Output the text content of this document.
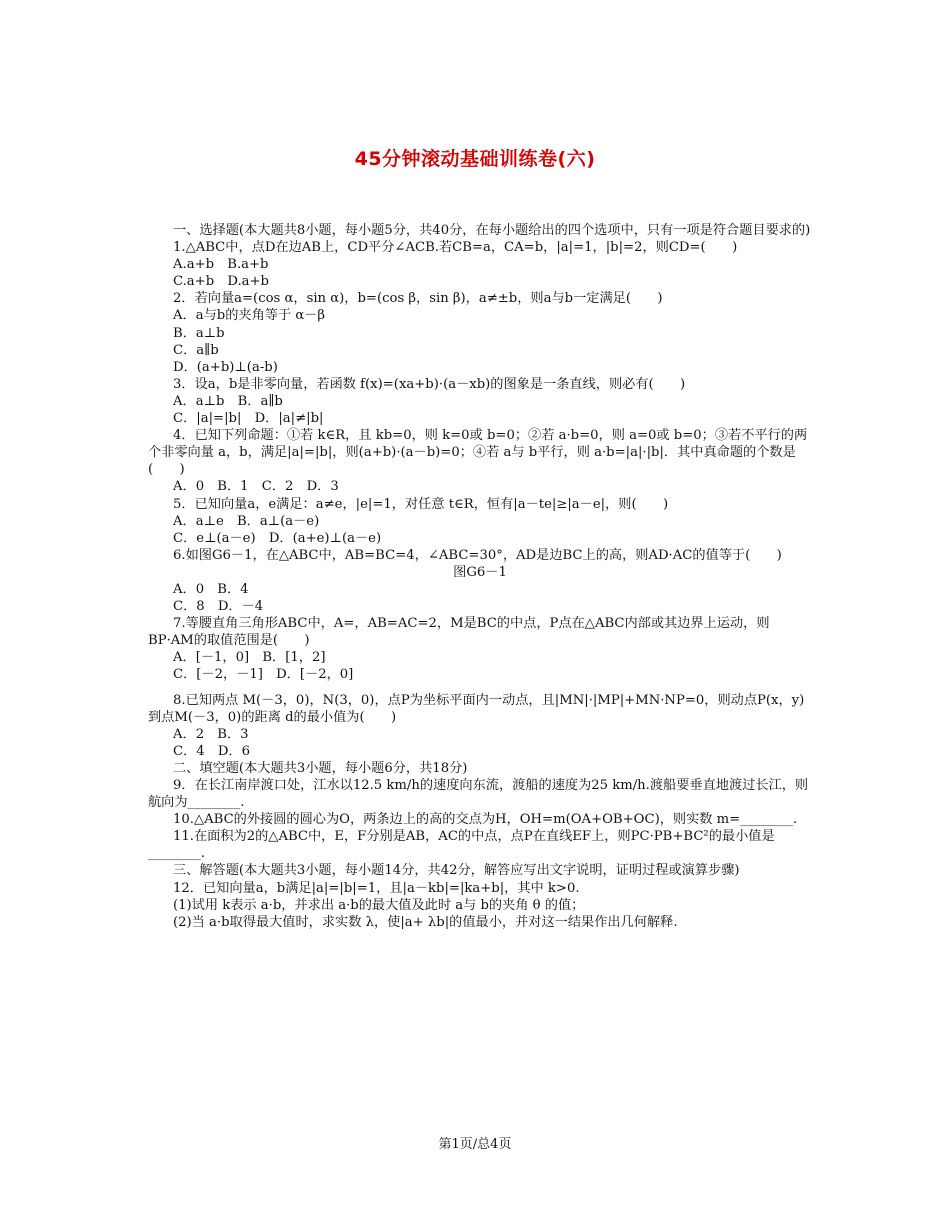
45分钟滚动基础训练卷(六)

一、选择题(本大题共8小题，每小题5分，共40分，在每小题给出的四个选项中，只有一项是符合题目要求的)

1.△ABC中，点D在边AB上，CD平分∠ACB.若CB=a，CA=b，|a|=1，|b|=2，则CD=(　　)

A.a+b　B.a+b

C.a+b　D.a+b

2．若向量a=(cos α，sin α)，b=(cos β，sin β)，a≠±b，则a与b一定满足(　　)

A．a与b的夹角等于 α－β

B．a⊥b

C．a∥b

D．(a+b)⊥(a-b)

3．设a，b是非零向量，若函数 f(x)=(xa+b)·(a－xb)的图象是一条直线，则必有(　　)

A．a⊥b　B．a∥b

C．|a|=|b|　D．|a|≠|b|

4．已知下列命题：①若 k∈R，且 kb=0，则 k=0或 b=0；②若 a·b=0，则 a=0或 b=0；③若不平行的两个非零向量 a，b，满足|a|=|b|，则(a+b)·(a－b)=0；④若 a与 b平行，则 a·b=|a|·|b|．其中真命题的个数是(　　)

A．0　B．1　C．2　D．3

5．已知向量a，e满足：a≠e，|e|=1，对任意 t∈R，恒有|a－te|≥|a－e|，则(　　)

A．a⊥e　B．a⊥(a－e)

C．e⊥(a－e)　D．(a+e)⊥(a－e)

6.如图G6－1，在△ABC中，AB=BC=4，∠ABC=30°，AD是边BC上的高，则AD·AC的值等于(　　)

图G6－1

A．0　B．4

C．8　D．－4

7.等腰直角三角形ABC中，A=，AB=AC=2，M是BC的中点，P点在△ABC内部或其边界上运动，则BP·AM的取值范围是(　　)

A．[－1，0]　B．[1，2]

C．[－2，－1]　D．[－2，0]

8.已知两点 M(－3，0)，N(3，0)，点P为坐标平面内一动点，且|MN|·|MP|+MN·NP=0，则动点P(x，y)到点M(－3，0)的距离 d的最小值为(　　)

A．2　B．3

C．4　D．6

二、填空题(本大题共3小题，每小题6分，共18分)

9．在长江南岸渡口处，江水以12.5 km/h的速度向东流，渡船的速度为25 km/h.渡船要垂直地渡过长江，则航向为________.

10.△ABC的外接圆的圆心为O，两条边上的高的交点为H，OH=m(OA+OB+OC)，则实数 m=________.

11.在面积为2的△ABC中，E，F分别是AB，AC的中点，点P在直线EF上，则PC·PB+BC²的最小值是________.

三、解答题(本大题共3小题，每小题14分，共42分，解答应写出文字说明，证明过程或演算步骤)

12．已知向量a，b满足|a|=|b|=1，且|a－kb|=|ka+b|，其中 k>0.

(1)试用 k表示 a·b，并求出 a·b的最大值及此时 a与 b的夹角 θ 的值；

(2)当 a·b取得最大值时，求实数 λ，使|a+ λb|的值最小，并对这一结果作出几何解释.

第1页/总4页
